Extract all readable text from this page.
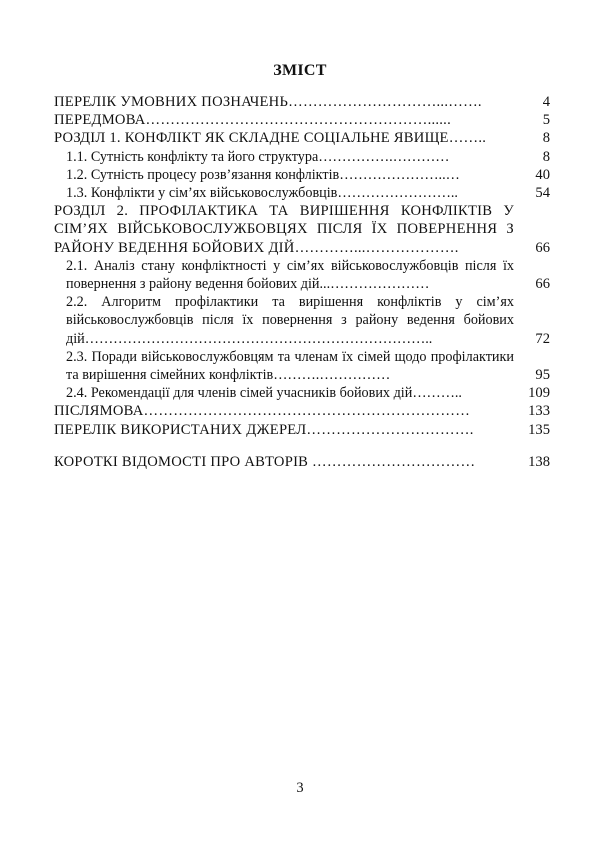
ЗМІСТ
ПЕРЕЛІК УМОВНИХ ПОЗНАЧЕНЬ…………………………...…….	4
ПЕРЕДМОВА…………………………………………………......	5
РОЗДІЛ 1. КОНФЛІКТ ЯК СКЛАДНЕ СОЦІАЛЬНЕ ЯВИЩЕ……..	8
1.1. Сутність конфлікту та його структура…………….…………	8
1.2. Сутність процесу розв’язання конфліктів…………………..…	40
1.3. Конфлікти у сім’ях військовослужбовців……………………..	54
РОЗДІЛ 2. ПРОФІЛАКТИКА ТА ВИРІШЕННЯ КОНФЛІКТІВ У СІМ’ЯХ ВІЙСЬКОВОСЛУЖБОВЦЯХ ПІСЛЯ ЇХ ПОВЕРНЕННЯ З РАЙОНУ ВЕДЕННЯ БОЙОВИХ ДІЙ…………...……………….	66
2.1. Аналіз стану конфліктності у сім’ях військовослужбовців після їх повернення з району ведення бойових дій...…………………	66
2.2. Алгоритм профілактики та вирішення конфліктів у сім’ях військовослужбовців після їх повернення з району ведення бойових дій………………………………………………………………..	72
2.3. Поради військовослужбовцям та членам їх сімей щодо профілактики та вирішення сімейних конфліктів……….……………	95
2.4. Рекомендації для членів сімей учасників бойових дій………..	109
ПІСЛЯМОВА…………………………………………………………	133
ПЕРЕЛІК ВИКОРИСТАНИХ ДЖЕРЕЛ…………………………….	135
КОРОТКІ ВІДОМОСТІ ПРО АВТОРІВ ……………………………	138
3
